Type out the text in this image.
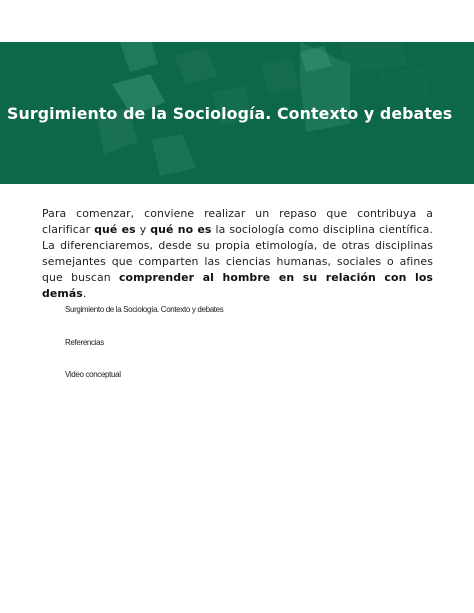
Surgimiento de la Sociología. Contexto y debates

Para comenzar, conviene realizar un repaso que contribuya a clarificar qué es y qué no es la sociología como disciplina científica. La diferenciaremos, desde su propia etimología, de otras disciplinas semejantes que comparten las ciencias humanas, sociales o afines que buscan comprender al hombre en su relación con los demás.

Surgimiento de la Sociología. Contexto y debates
Referencias
Video conceptual
